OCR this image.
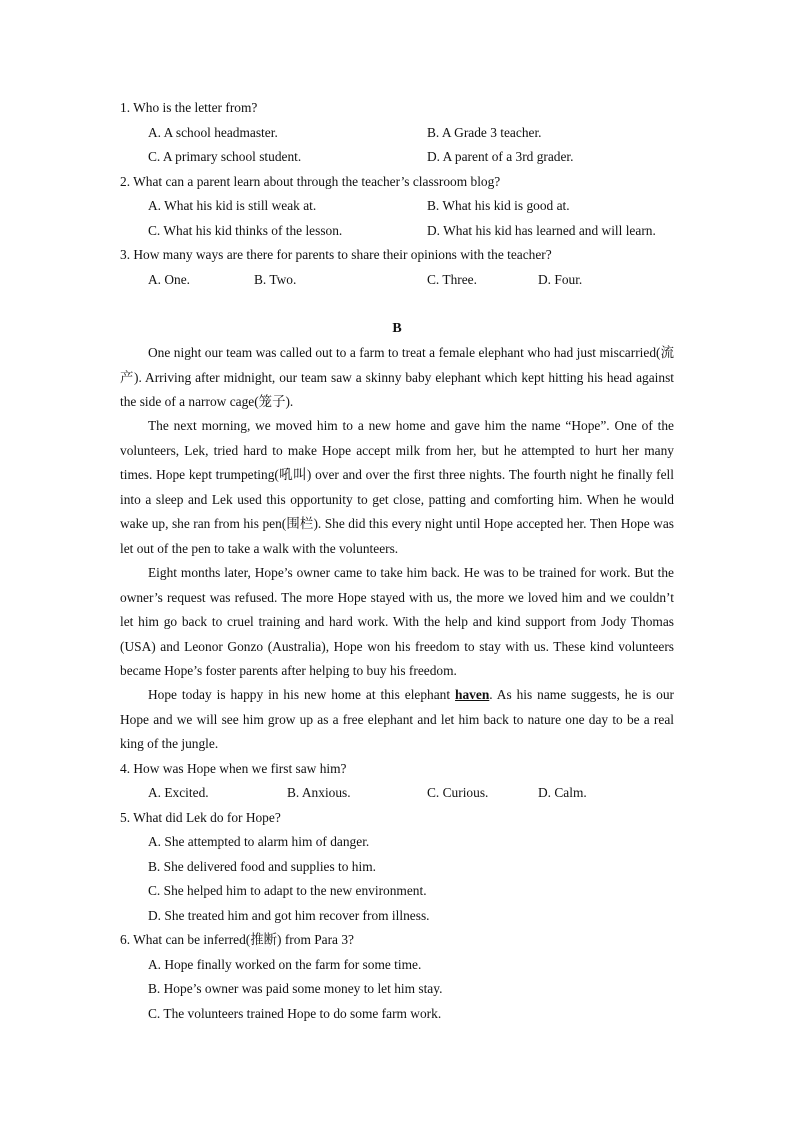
1. Who is the letter from?
A. A school headmaster.	B. A Grade 3 teacher.
C. A primary school student.	D. A parent of a 3rd grader.
2. What can a parent learn about through the teacher’s classroom blog?
A. What his kid is still weak at.	B. What his kid is good at.
C. What his kid thinks of the lesson.	D. What his kid has learned and will learn.
3. How many ways are there for parents to share their opinions with the teacher?
A. One.	B. Two.	C. Three.	D. Four.
B

One night our team was called out to a farm to treat a female elephant who had just miscarried(流产). Arriving after midnight, our team saw a skinny baby elephant which kept hitting his head against the side of a narrow cage(笼子).

The next morning, we moved him to a new home and gave him the name “Hope”. One of the volunteers, Lek, tried hard to make Hope accept milk from her, but he attempted to hurt her many times. Hope kept trumpeting(吼叫) over and over the first three nights. The fourth night he finally fell into a sleep and Lek used this opportunity to get close, patting and comforting him. When he would wake up, she ran from his pen(围栏). She did this every night until Hope accepted her. Then Hope was let out of the pen to take a walk with the volunteers.

Eight months later, Hope’s owner came to take him back. He was to be trained for work. But the owner’s request was refused. The more Hope stayed with us, the more we loved him and we couldn’t let him go back to cruel training and hard work. With the help and kind support from Jody Thomas (USA) and Leonor Gonzo (Australia), Hope won his freedom to stay with us. These kind volunteers became Hope’s foster parents after helping to buy his freedom.

Hope today is happy in his new home at this elephant haven. As his name suggests, he is our Hope and we will see him grow up as a free elephant and let him back to nature one day to be a real king of the jungle.

4. How was Hope when we first saw him?
A. Excited.	B. Anxious.	C. Curious.	D. Calm.
5. What did Lek do for Hope?
A. She attempted to alarm him of danger.
B. She delivered food and supplies to him.
C. She helped him to adapt to the new environment.
D. She treated him and got him recover from illness.
6. What can be inferred(推断) from Para 3?
A. Hope finally worked on the farm for some time.
B. Hope’s owner was paid some money to let him stay.
C. The volunteers trained Hope to do some farm work.
